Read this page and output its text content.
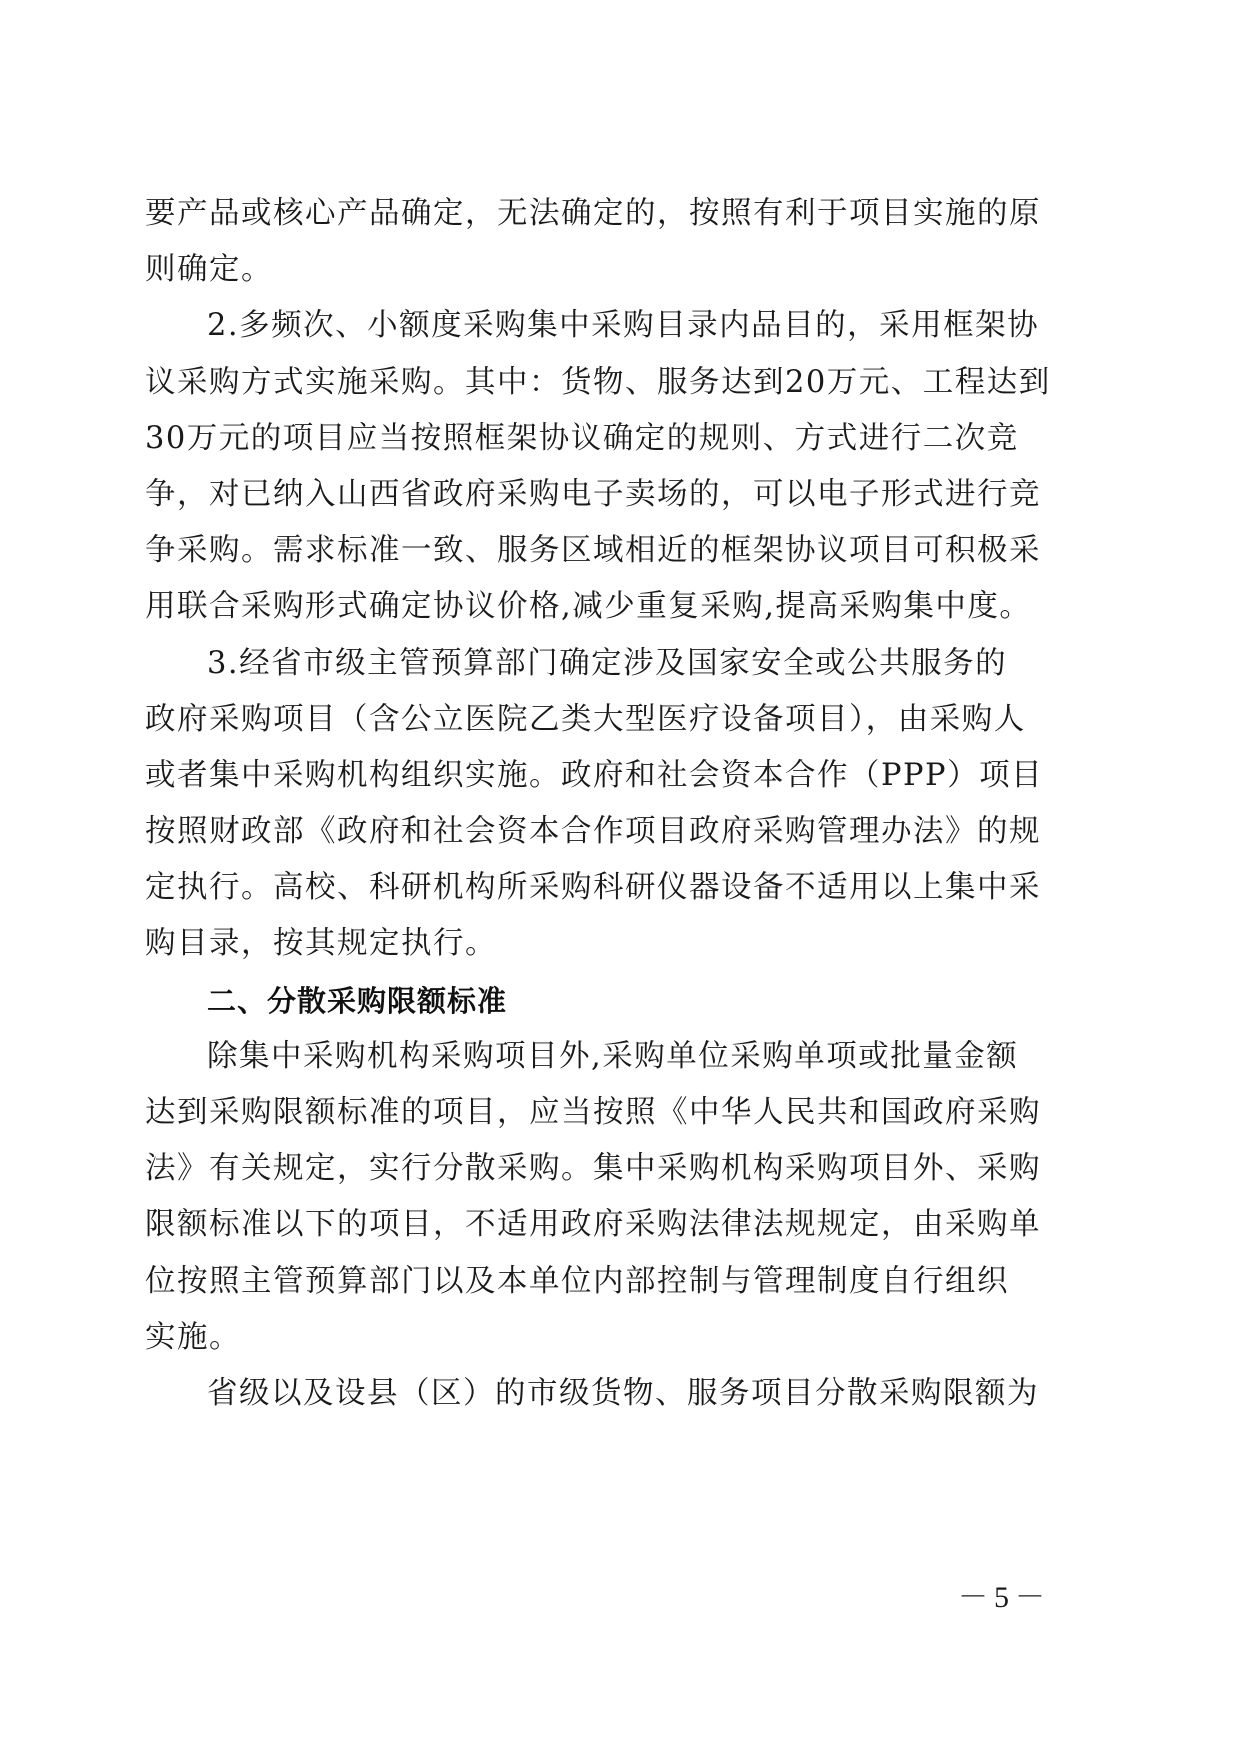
要产品或核心产品确定，无法确定的，按照有利于项目实施的原
则确定。
2.多频次、小额度采购集中采购目录内品目的，采用框架协
议采购方式实施采购。其中：货物、服务达到20万元、工程达到
30万元的项目应当按照框架协议确定的规则、方式进行二次竞
争，对已纳入山西省政府采购电子卖场的，可以电子形式进行竞
争采购。需求标准一致、服务区域相近的框架协议项目可积极采
用联合采购形式确定协议价格,减少重复采购,提高采购集中度。
3.经省市级主管预算部门确定涉及国家安全或公共服务的
政府采购项目（含公立医院乙类大型医疗设备项目），由采购人
或者集中采购机构组织实施。政府和社会资本合作（PPP）项目
按照财政部《政府和社会资本合作项目政府采购管理办法》的规
定执行。高校、科研机构所采购科研仪器设备不适用以上集中采
购目录，按其规定执行。
二、分散采购限额标准
除集中采购机构采购项目外,采购单位采购单项或批量金额
达到采购限额标准的项目，应当按照《中华人民共和国政府采购
法》有关规定，实行分散采购。集中采购机构采购项目外、采购
限额标准以下的项目，不适用政府采购法律法规规定，由采购单
位按照主管预算部门以及本单位内部控制与管理制度自行组织
实施。
省级以及设县（区）的市级货物、服务项目分散采购限额为
－5－
